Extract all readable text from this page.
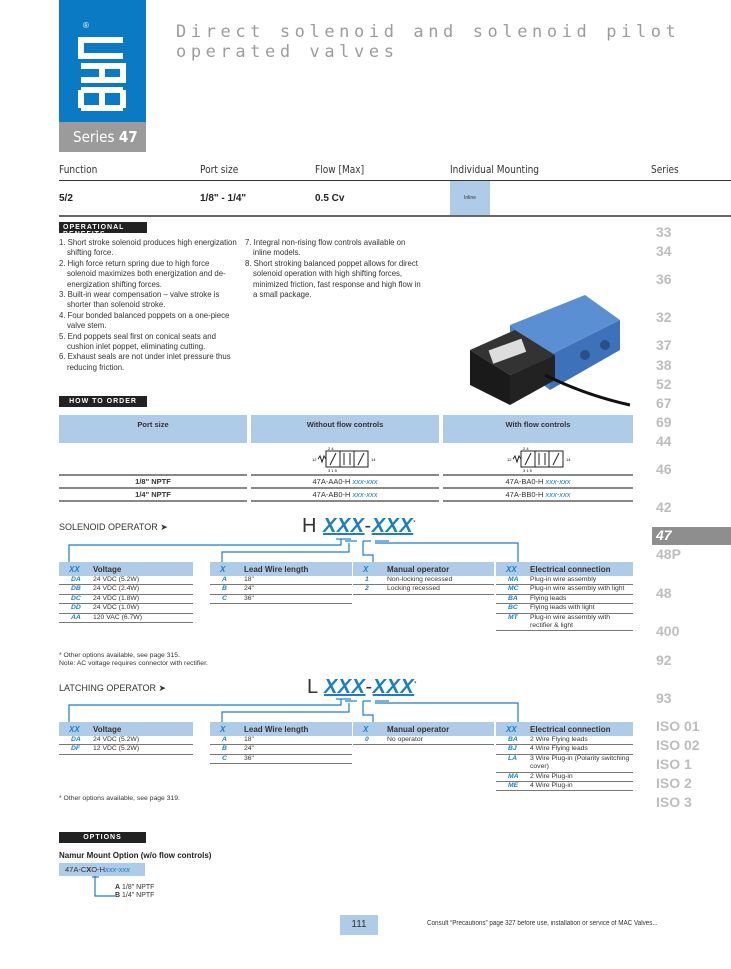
®
Series 47
Direct solenoid and solenoid pilot operated valves
Function	Port size	Flow [Max]	Individual Mounting	Series
Inline
5/2	1/8" - 1/4"	0.5 Cv
OPERATIONAL BENEFITS

1. Short stroke solenoid produces high energization shifting force.

2. High force return spring due to high force solenoid maximizes both energization and de-energization shifting forces.

3. Built-in wear compensation – valve stroke is shorter than solenoid stroke.

4. Four bonded balanced poppets on a one-piece valve stem.

5. End poppets seal first on conical seats and cushion inlet poppet, eliminating cutting.

6. Exhaust seals are not under inlet pressure thus reducing friction.

7. Integral non-rising flow controls available on inline models.

8. Short stroking balanced poppet allows for direct solenoid operation with high shifting forces, minimized friction, fast response and high flow in a small package.

33
34
36
32
37
38
52
67
69
44
46
42
48P
48
400
92
93
ISO 01
ISO 02
ISO 1
ISO 2
ISO 3
47
HOW TO ORDER
Port size	Without flow controls	With flow controls
12	14
2 4
3 1 5
12	14
2 4
3 1 5
1/8" NPTF	47A-AA0-H xxx-xxx	47A-BA0-H xxx-xxx
1/4" NPTF	47A-AB0-H xxx-xxx	47A-BB0-H xxx-xxx
SOLENOID OPERATOR ➤	H XXX-XXX*
XX	Voltage
DA	24 VDC (5.2W)
DB	24 VDC (2.4W)
DC	24 VDC (1.8W)
DD	24 VDC (1.0W)
AA	120 VAC (6.7W)
X	Lead Wire length
A	18"
B	24"
C	36"
X	Manual operator
1	Non-locking recessed
2	Locking recessed
XX	Electrical connection
MA	Plug-in wire assembly
MC	Plug-in wire assembly with light
BA	Flying leads
BC	Flying leads with light
MT	Plug-in wire assembly with rectifier & light
* Other options available, see page 315.
Note: AC voltage requires connector with rectifier.
LATCHING OPERATOR ➤	L XXX-XXX*
XX	Voltage
DA	24 VDC (5.2W)
DF	12 VDC (5.2W)
X	Lead Wire length
A	18"
B	24"
C	36"
X	Manual operator
0	No operator
XX	Electrical connection
BA	2 Wire Flying leads
BJ	4 Wire Flying leads
LA	3 Wire Plug-in (Polarity switching cover)
MA	2 Wire Plug-in
ME	4 Wire Plug-in
* Other options available, see page 319.
OPTIONS
Namur Mount Option (w/o flow controls)
47A-CXO-Hxxx-xxx
A 1/8" NPTF
B 1/4" NPTF
111	Consult “Precautions” page 327 before use, installation or service of MAC Valves...
